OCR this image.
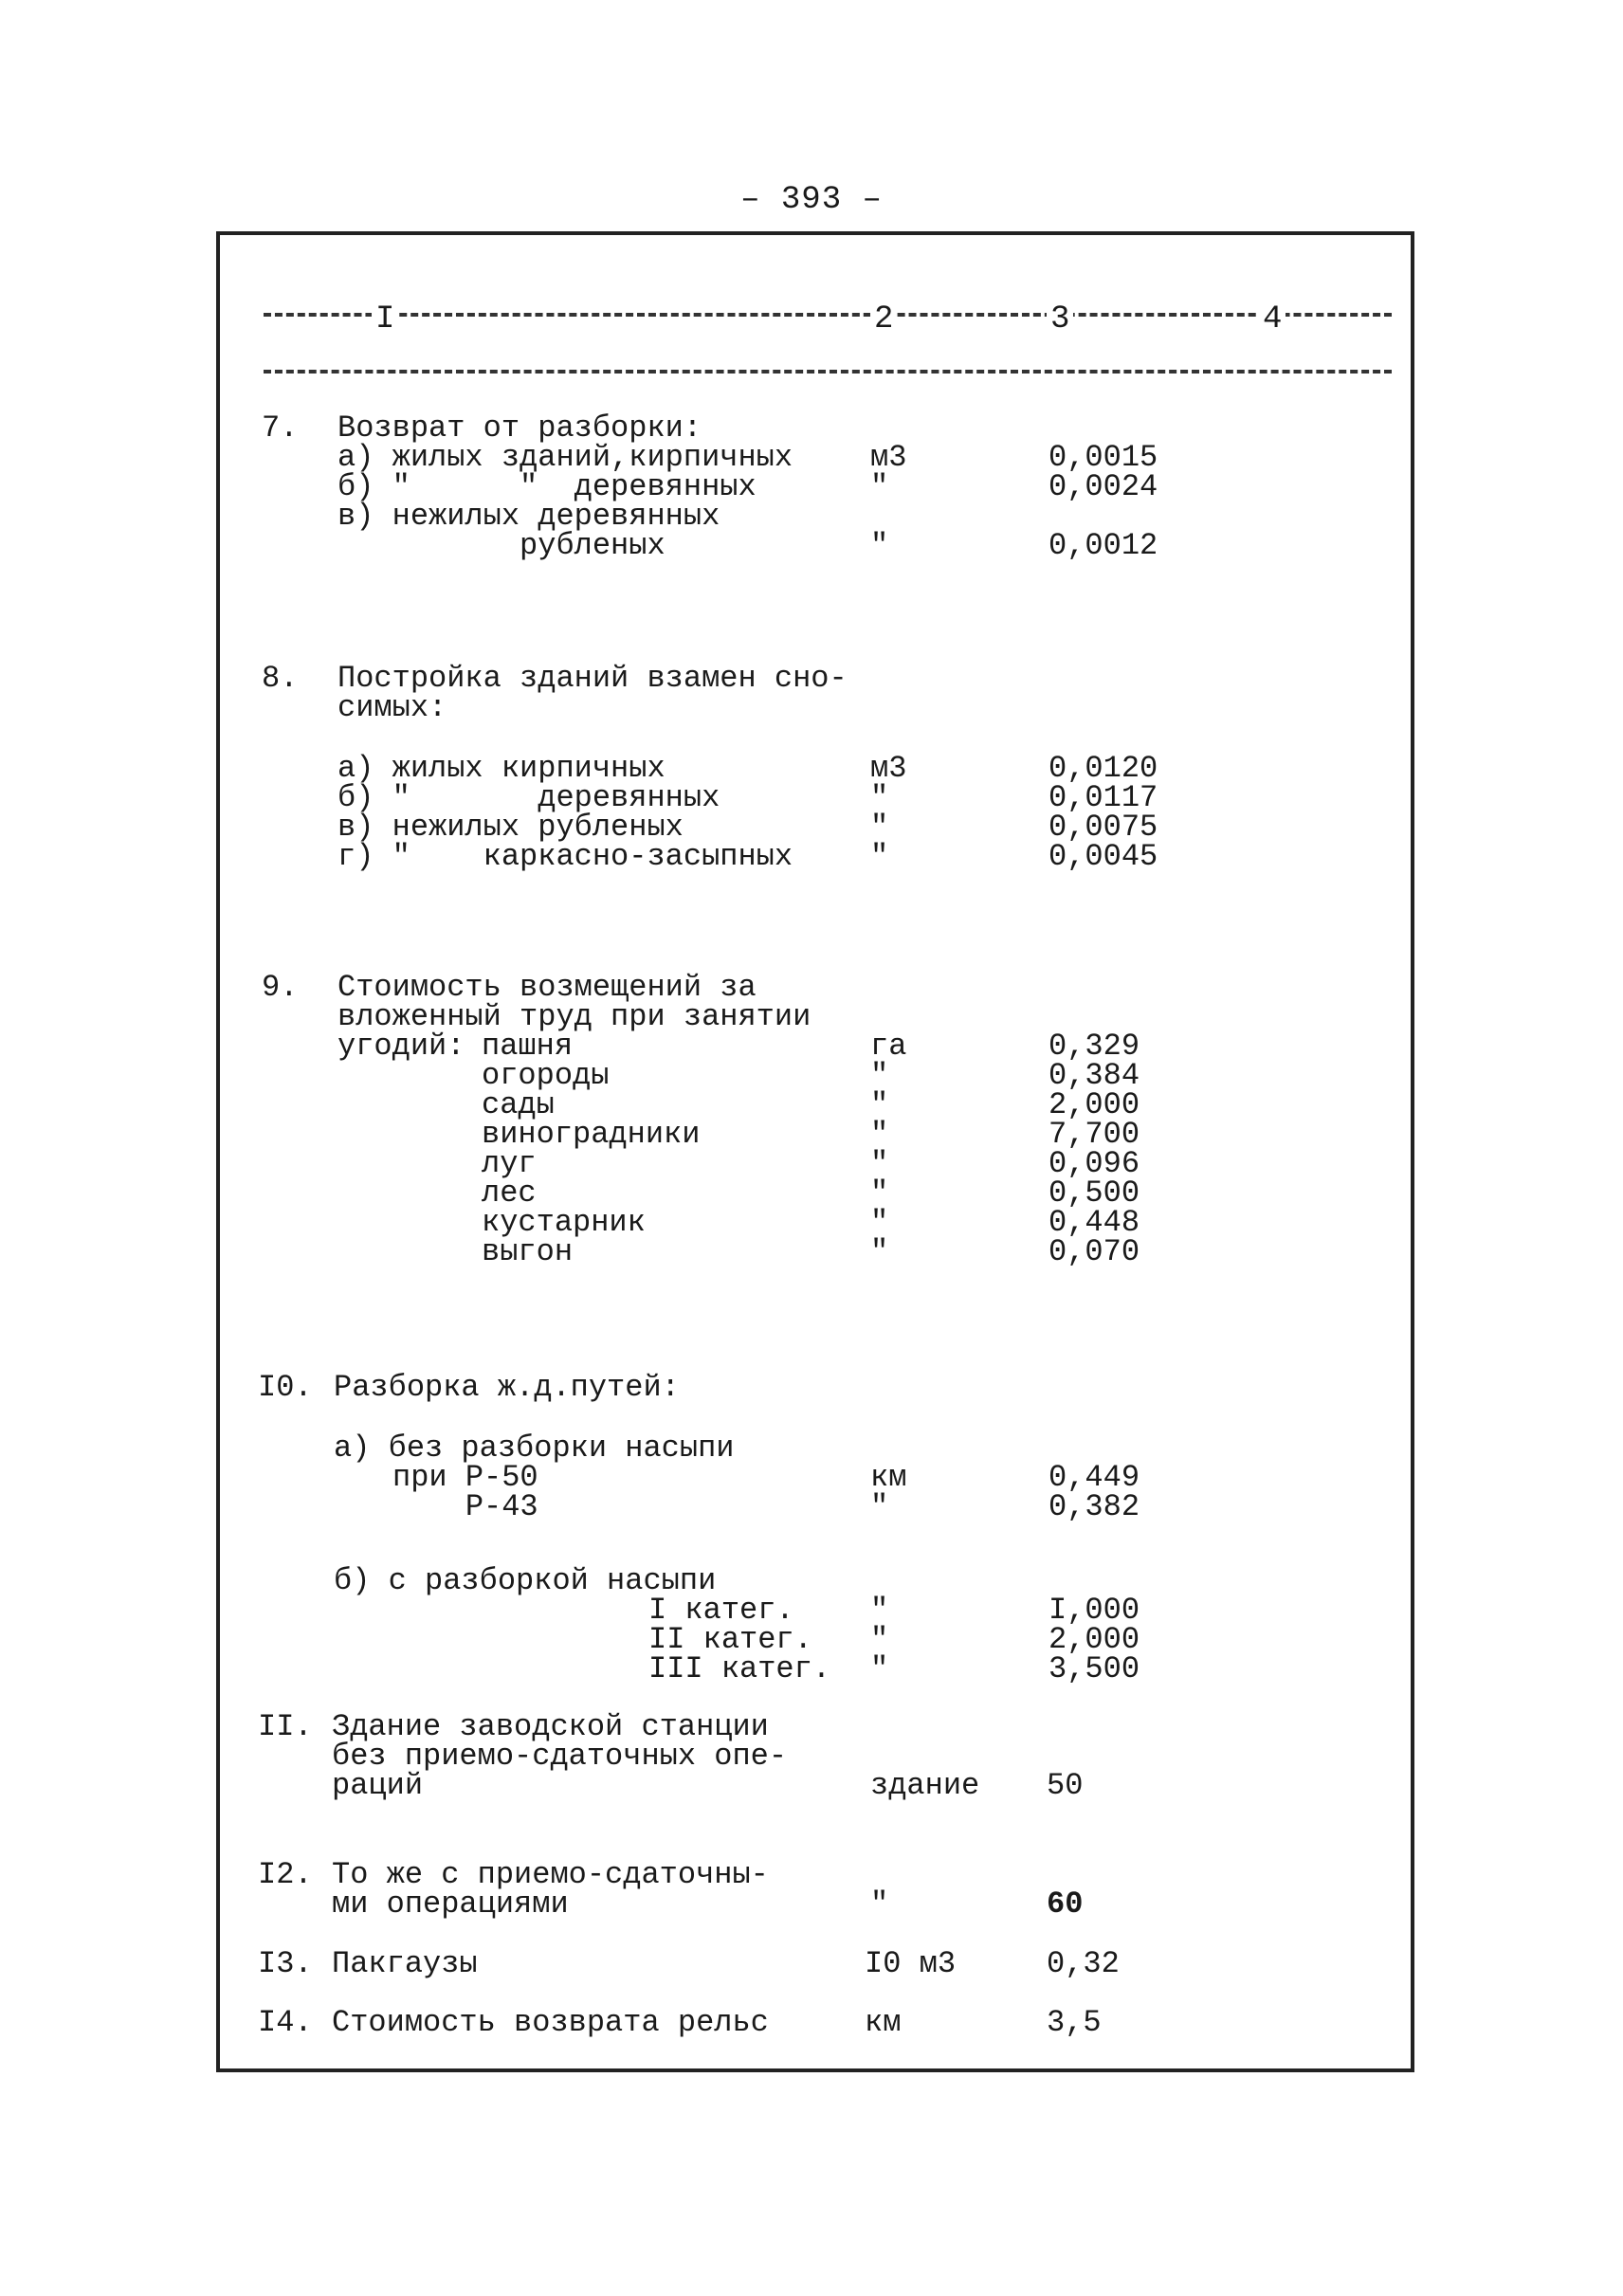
– 393 –
I	2	3	4
7. Возврат от разборки:
а) жилых зданий,кирпичных	м3	0,0015
б) "      "  деревянных	"	0,0024
в) нежилых деревянных
рубленых	"	0,0012
8. Постройка зданий взамен сно-
симых:
а) жилых кирпичных	м3	0,0120
б) "       деревянных	"	0,0117
в) нежилых рубленых	"	0,0075
г) "    каркасно-засыпных	"	0,0045
9. Стоимость возмещений за
вложенный труд при занятии
угодий: пашня	га	0,329
огороды	"	0,384
сады	"	2,000
виноградники	"	7,700
луг	"	0,096
лес	"	0,500
кустарник	"	0,448
выгон	"	0,070
I0. Разборка ж.д.путей:
а) без разборки насыпи
при Р-50	км	0,449
Р-43	"	0,382
б) с разборкой насыпи
I катег.	"	I,000
II катег. "	2,000
III катег. "	3,500
II. Здание заводской станции
без приемо-сдаточных опе-
раций	здание 50
I2. То же с приемо-сдаточны-
ми операциями	"	60
I3. Пакгаузы	I0 м3	0,32
I4. Стоимость возврата рельс	км	3,5
